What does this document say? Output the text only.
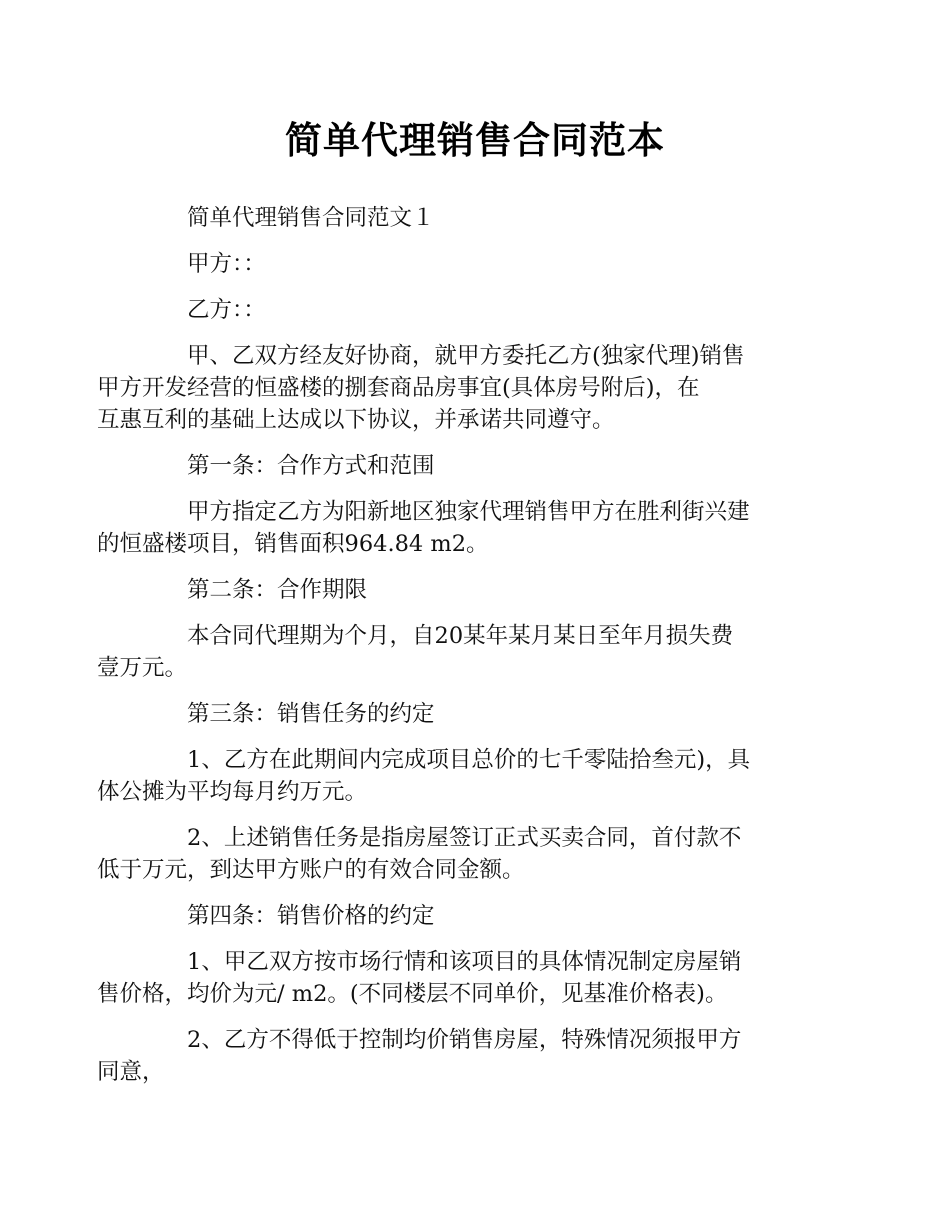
简单代理销售合同范本

简单代理销售合同范文１

甲方：：

乙方：：

甲、乙双方经友好协商，就甲方委托乙方(独家代理)销售
甲方开发经营的恒盛楼的捌套商品房事宜(具体房号附后)，在
互惠互利的基础上达成以下协议，并承诺共同遵守。

第一条：合作方式和范围

甲方指定乙方为阳新地区独家代理销售甲方在胜利街兴建
的恒盛楼项目，销售面积964.84 m2。

第二条：合作期限

本合同代理期为个月，自20某年某月某日至年月损失费
壹万元。

第三条：销售任务的约定

1、乙方在此期间内完成项目总价的七千零陆拾叁元)，具
体公摊为平均每月约万元。

2、上述销售任务是指房屋签订正式买卖合同，首付款不
低于万元，到达甲方账户的有效合同金额。

第四条：销售价格的约定

1、甲乙双方按市场行情和该项目的具体情况制定房屋销
售价格，均价为元/ m2。(不同楼层不同单价，见基准价格表)。

2、乙方不得低于控制均价销售房屋，特殊情况须报甲方
同意，
